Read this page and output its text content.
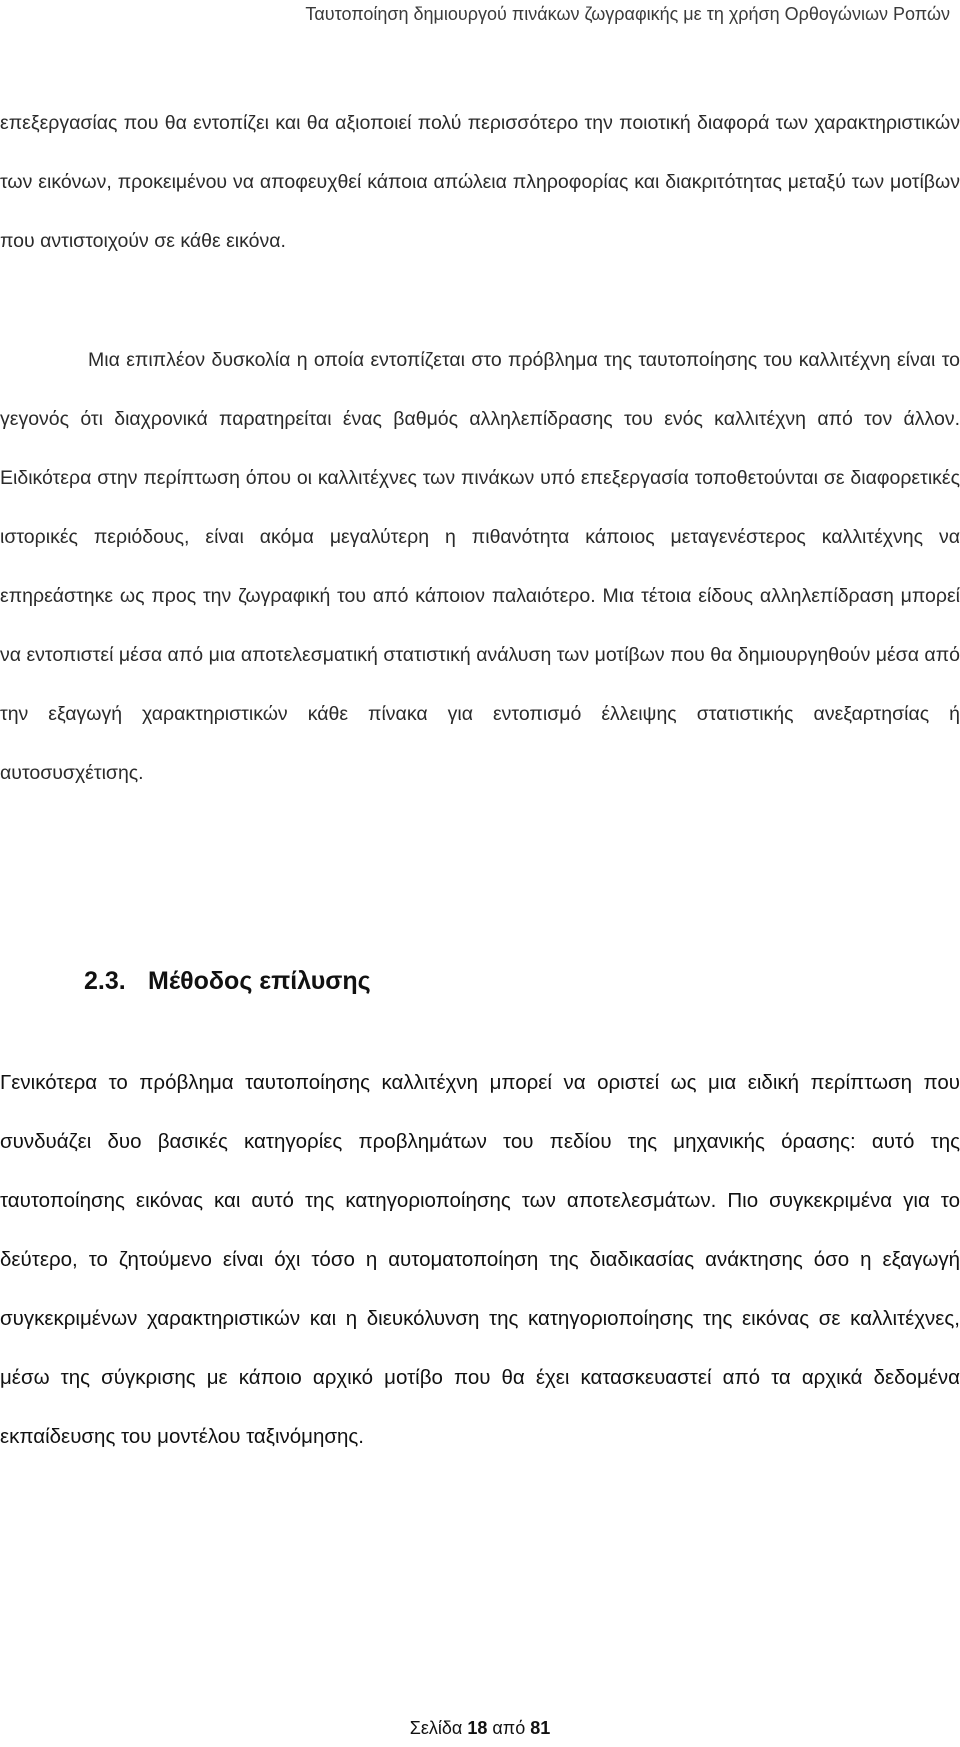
Ταυτοποίηση δημιουργού πινάκων ζωγραφικής με τη χρήση Ορθογώνιων Ροπών

επεξεργασίας που θα εντοπίζει και θα αξιοποιεί πολύ περισσότερο την ποιοτική διαφορά των χαρακτηριστικών των εικόνων, προκειμένου να αποφευχθεί κάποια απώλεια πληροφορίας και διακριτότητας μεταξύ των μοτίβων που αντιστοιχούν σε κάθε εικόνα.

Μια επιπλέον δυσκολία η οποία εντοπίζεται στο πρόβλημα της ταυτοποίησης του καλλιτέχνη είναι το γεγονός ότι διαχρονικά παρατηρείται ένας βαθμός αλληλεπίδρασης του ενός καλλιτέχνη από τον άλλον. Ειδικότερα στην περίπτωση όπου οι καλλιτέχνες των πινάκων υπό επεξεργασία τοποθετούνται σε διαφορετικές ιστορικές περιόδους, είναι ακόμα μεγαλύτερη η πιθανότητα κάποιος μεταγενέστερος καλλιτέχνης να επηρεάστηκε ως προς την ζωγραφική του από κάποιον παλαιότερο. Μια τέτοια είδους αλληλεπίδραση μπορεί να εντοπιστεί μέσα από μια αποτελεσματική στατιστική ανάλυση των μοτίβων που θα δημιουργηθούν μέσα από την εξαγωγή χαρακτηριστικών κάθε πίνακα για εντοπισμό έλλειψης στατιστικής ανεξαρτησίας ή αυτοσυσχέτισης.

2.3. Μέθοδος επίλυσης

Γενικότερα το πρόβλημα ταυτοποίησης καλλιτέχνη μπορεί να οριστεί ως μια ειδική περίπτωση που συνδυάζει δυο βασικές κατηγορίες προβλημάτων του πεδίου της μηχανικής όρασης: αυτό της ταυτοποίησης εικόνας και αυτό της κατηγοριοποίησης των αποτελεσμάτων. Πιο συγκεκριμένα για το δεύτερο, το ζητούμενο είναι όχι τόσο η αυτοματοποίηση της διαδικασίας ανάκτησης όσο η εξαγωγή συγκεκριμένων χαρακτηριστικών και η διευκόλυνση της κατηγοριοποίησης της εικόνας σε καλλιτέχνες, μέσω της σύγκρισης με κάποιο αρχικό μοτίβο που θα έχει κατασκευαστεί από τα αρχικά δεδομένα εκπαίδευσης του μοντέλου ταξινόμησης.

Σελίδα 18 από 81
